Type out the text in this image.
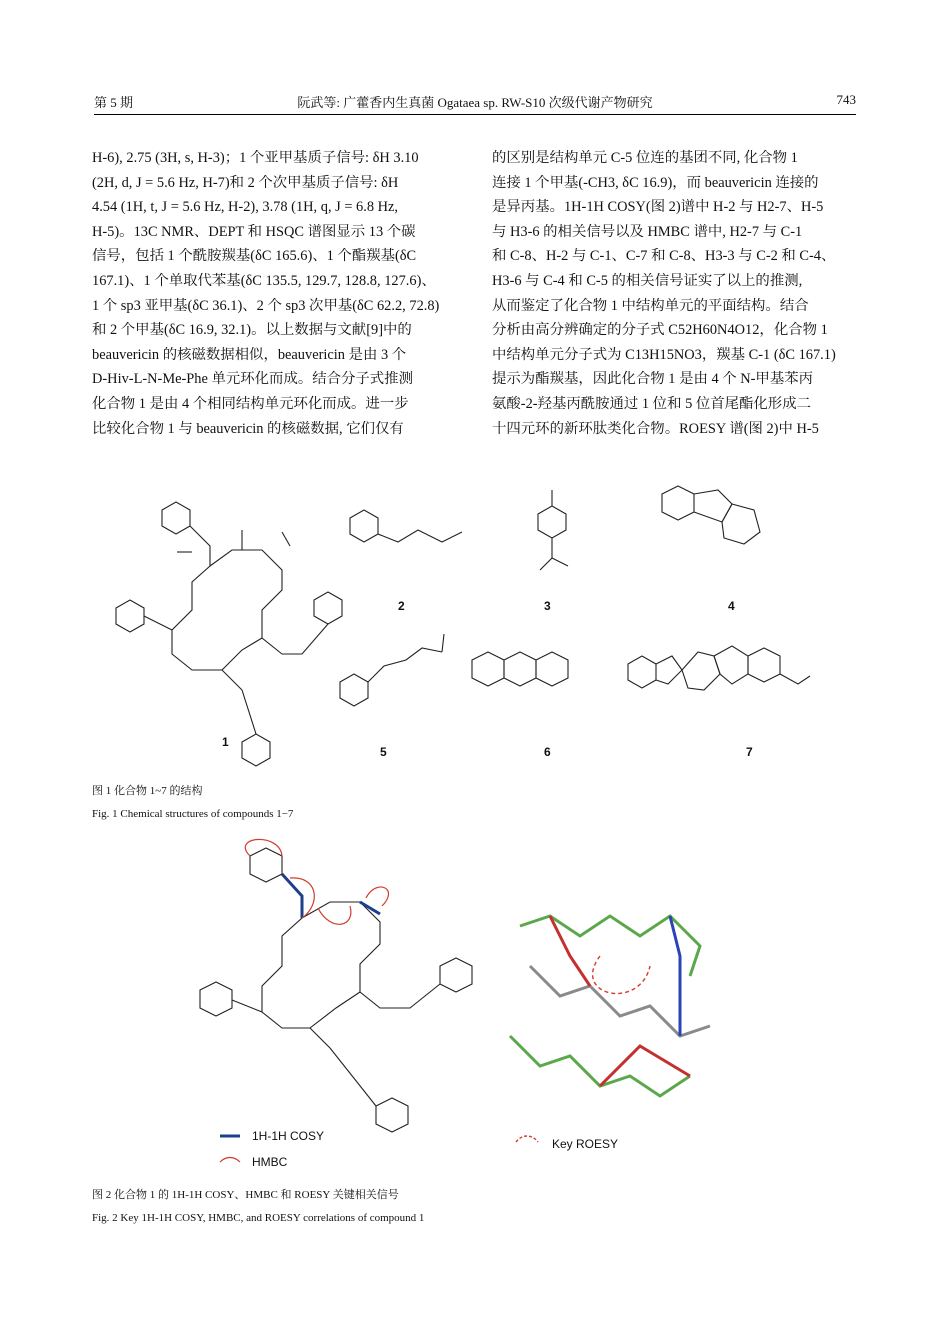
第 5 期	阮武等: 广藿香内生真菌 Ogataea sp. RW-S10 次级代谢产物研究	743

H-6), 2.75 (3H, s, H-3)；1 个亚甲基质子信号: δH 3.10

(2H, d, J = 5.6 Hz, H-7)和 2 个次甲基质子信号: δH

4.54 (1H, t, J = 5.6 Hz, H-2), 3.78 (1H, q, J = 6.8 Hz,

H-5)。13C NMR、DEPT 和 HSQC 谱图显示 13 个碳

信号，包括 1 个酰胺羰基(δC 165.6)、1 个酯羰基(δC

167.1)、1 个单取代苯基(δC 135.5, 129.7, 128.8, 127.6)、

1 个 sp3 亚甲基(δC 36.1)、2 个 sp3 次甲基(δC 62.2, 72.8)

和 2 个甲基(δC 16.9, 32.1)。以上数据与文献[9]中的

beauvericin 的核磁数据相似，beauvericin 是由 3 个

D-Hiv-L-N-Me-Phe 单元环化而成。结合分子式推测

化合物 1 是由 4 个相同结构单元环化而成。进一步

比较化合物 1 与 beauvericin 的核磁数据, 它们仅有

的区别是结构单元 C-5 位连的基团不同, 化合物 1

连接 1 个甲基(-CH3, δC 16.9)，而 beauvericin 连接的

是异丙基。1H-1H COSY(图 2)谱中 H-2 与 H2-7、H-5

与 H3-6 的相关信号以及 HMBC 谱中, H2-7 与 C-1

和 C-8、H-2 与 C-1、C-7 和 C-8、H3-3 与 C-2 和 C-4、

H3-6 与 C-4 和 C-5 的相关信号证实了以上的推测,

从而鉴定了化合物 1 中结构单元的平面结构。结合

分析由高分辨确定的分子式 C52H60N4O12，化合物 1

中结构单元分子式为 C13H15NO3，羰基 C-1 (δC 167.1)

提示为酯羰基，因此化合物 1 是由 4 个 N-甲基苯丙

氨酸-2-羟基丙酰胺通过 1 位和 5 位首尾酯化形成二

十四元环的新环肽类化合物。ROESY 谱(图 2)中 H-5

1
2	3	4
5	6	7
图 1 化合物 1~7 的结构
Fig. 1 Chemical structures of compounds 1−7
1H-1H COSY
HMBC
Key ROESY
图 2 化合物 1 的 1H-1H COSY、HMBC 和 ROESY 关键相关信号
Fig. 2 Key 1H-1H COSY, HMBC, and ROESY correlations of compound 1
